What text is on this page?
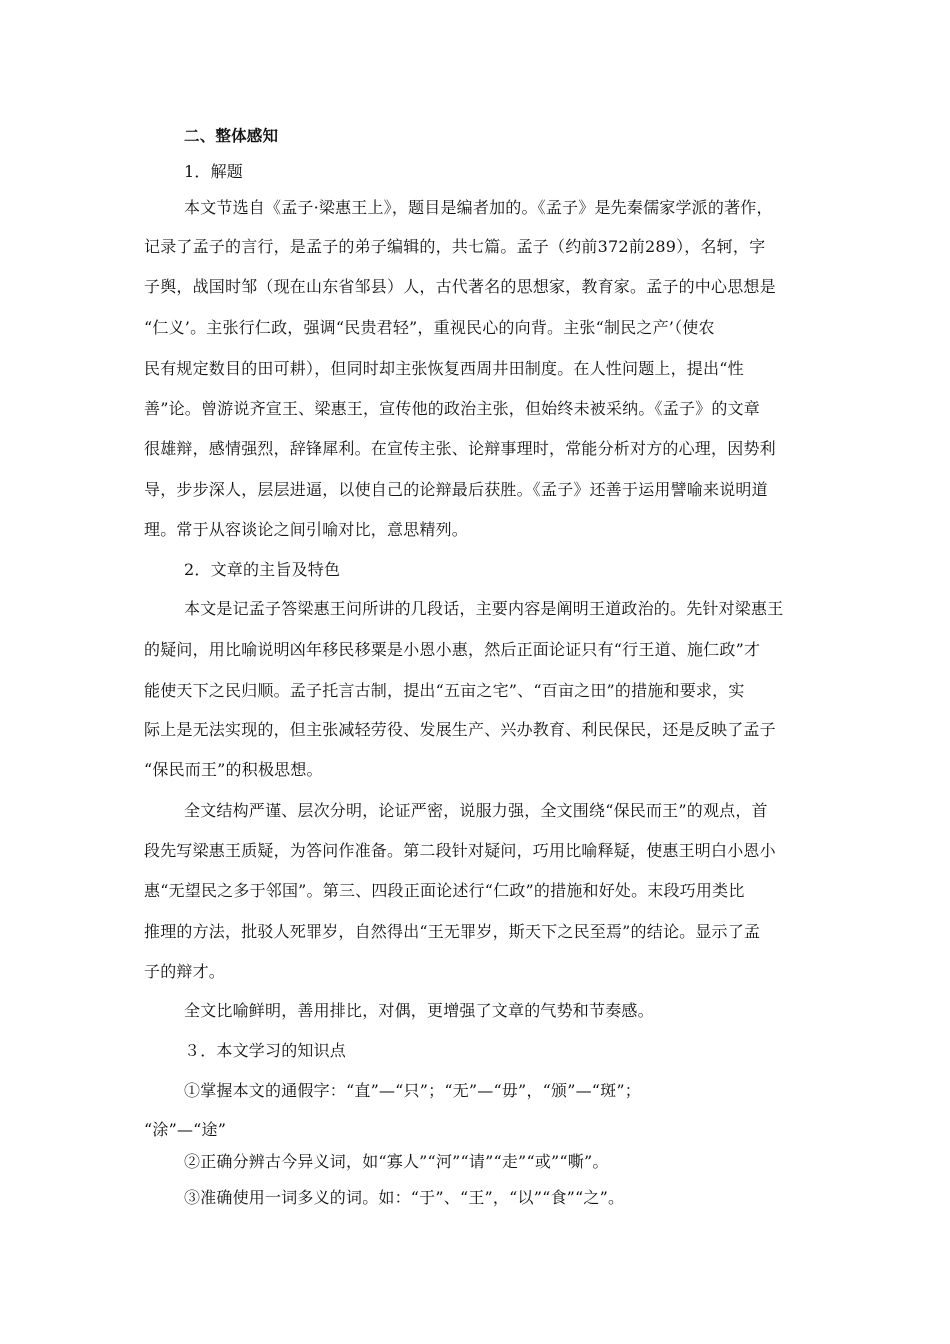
二、整体感知
1．解题
本文节选自《孟子·梁惠王上》，题目是编者加的。《孟子》是先秦儒家学派的著作，
记录了孟子的言行，是孟子的弟子编辑的，共七篇。孟子（约前372前289），名轲，字
子舆，战国时邹（现在山东省邹县）人，古代著名的思想家，教育家。孟子的中心思想是
“仁义’。主张行仁政，强调“民贵君轻”，重视民心的向背。主张“制民之产’（使农
民有规定数目的田可耕），但同时却主张恢复西周井田制度。在人性问题上，提出“性
善”论。曾游说齐宣王、梁惠王，宣传他的政治主张，但始终未被采纳。《孟子》的文章
很雄辩，感情强烈，辞锋犀利。在宣传主张、论辩事理时，常能分析对方的心理，因势利
导，步步深人，层层进逼，以使自己的论辩最后获胜。《孟子》还善于运用譬喻来说明道
理。常于从容谈论之间引喻对比，意思精列。
2．文章的主旨及特色
本文是记孟子答梁惠王问所讲的几段话，主要内容是阐明王道政治的。先针对梁惠王
的疑问，用比喻说明凶年移民移粟是小恩小惠，然后正面论证只有“行王道、施仁政”才
能使天下之民归顺。孟子托言古制，提出“五亩之宅”、“百亩之田”的措施和要求，实
际上是无法实现的，但主张减轻劳役、发展生产、兴办教育、利民保民，还是反映了孟子
“保民而王”的积极思想。
全文结构严谨、层次分明，论证严密，说服力强，全文围绕“保民而王”的观点，首
段先写梁惠王质疑，为答问作准备。第二段针对疑问，巧用比喻释疑，使惠王明白小恩小
惠“无望民之多于邻国”。第三、四段正面论述行“仁政”的措施和好处。末段巧用类比
推理的方法，批驳人死罪岁，自然得出“王无罪岁，斯天下之民至焉”的结论。显示了孟
子的辩才。
全文比喻鲜明，善用排比，对偶，更增强了文章的气势和节奏感。
３．本文学习的知识点
①掌握本文的通假字：“直”—“只”；“无”—“毋”，“颁”—“斑”；
“涂”—“途”
②正确分辨古今异义词，如“寡人”“河”“请”“走”“或”“嘶”。
③准确使用一词多义的词。如：“于”、“王”，“以”“食”“之”。
